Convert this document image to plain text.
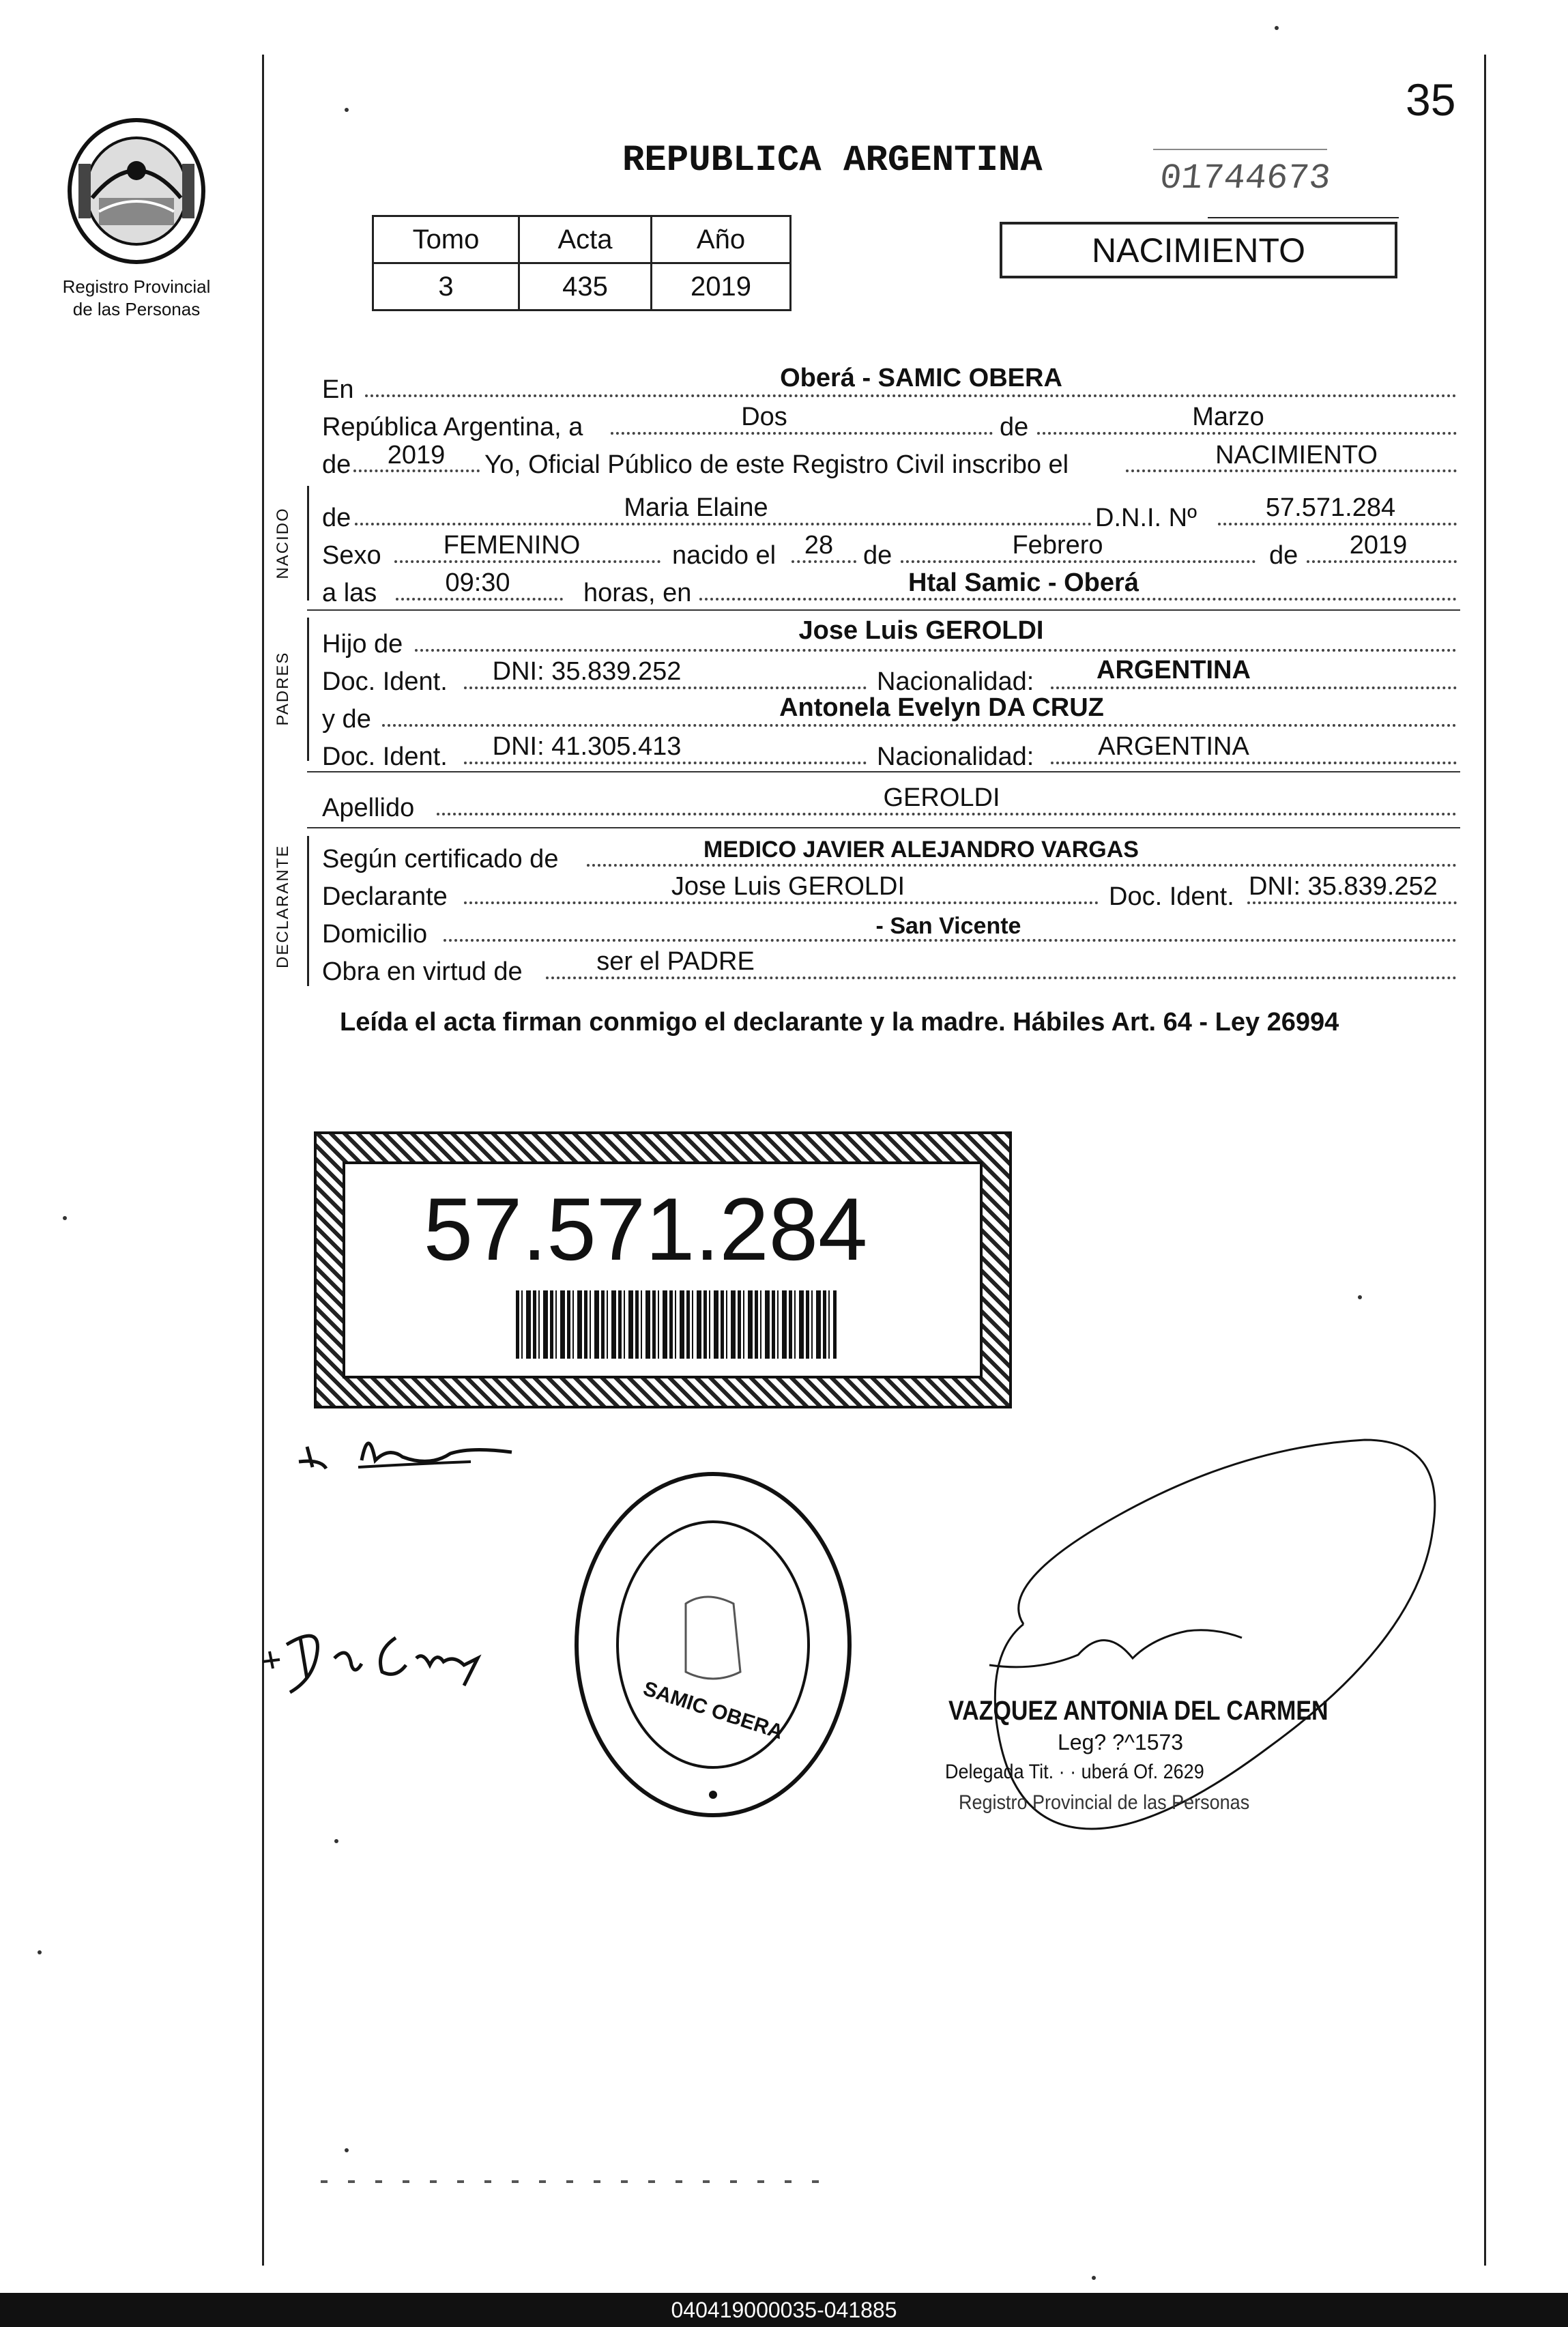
35
Registro Provincial
de las Personas
REPUBLICA ARGENTINA	01744673
Tomo	Acta	Año
3	435	2019
NACIMIENTO
En	Oberá - SAMIC OBERA
República Argentina, a	Dos	de	Marzo
de	2019	Yo, Oficial Público de este Registro Civil inscribo el	NACIMIENTO
NACIDO de	Maria Elaine	D.N.I. Nº	57.571.284
Sexo	FEMENINO	nacido el	28	de	Febrero	de	2019
a las	09:30	horas, en	Htal Samic - Oberá
PADRES
Hijo de	Jose Luis GEROLDI
Doc. Ident.	DNI: 35.839.252	Nacionalidad:	ARGENTINA
y de	Antonela Evelyn DA CRUZ
Doc. Ident.	DNI: 41.305.413	Nacionalidad:	ARGENTINA
Apellido	GEROLDI
DECLARANTE Según certificado de	MEDICO JAVIER ALEJANDRO VARGAS
Declarante	Jose Luis GEROLDI	Doc. Ident. DNI: 35.839.252
Domicilio	- San Vicente
Obra en virtud de	ser el PADRE
Leída el acta firman conmigo el declarante y la madre. Hábiles Art. 64 - Ley 26994
57.571.284
SAMIC OBERA	VAZQUEZ ANTONIA DEL CARMEN
Leg? ?^1573
Delegada Tit. · · uberá Of. 2629
Registro Provincial de las Personas
040419000035-041885
